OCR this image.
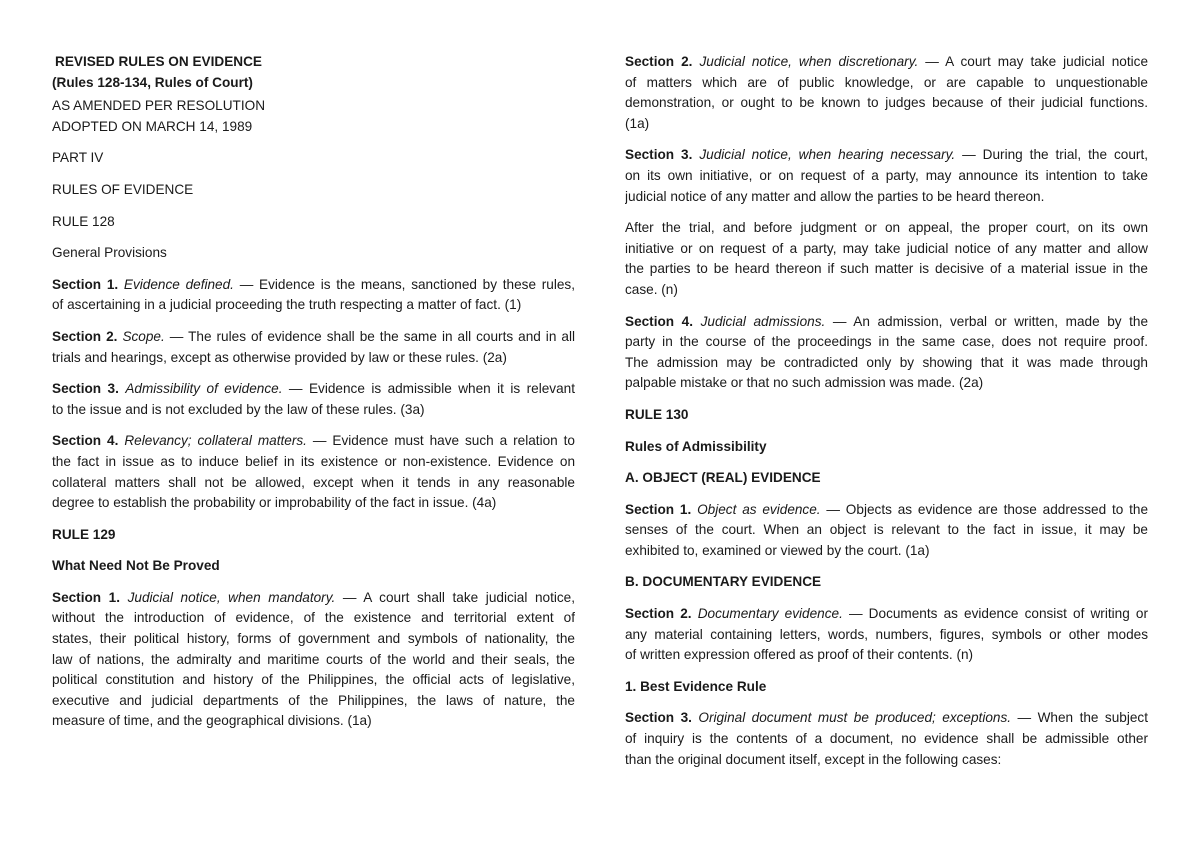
REVISED RULES ON EVIDENCE
(Rules 128-134, Rules of Court)
AS AMENDED PER RESOLUTION
ADOPTED ON MARCH 14, 1989
PART IV
RULES OF EVIDENCE
RULE 128
General Provisions
Section 1. Evidence defined. — Evidence is the means, sanctioned by these rules,
of ascertaining in a judicial proceeding the truth respecting a matter of fact. (1)
Section 2. Scope. — The rules of evidence shall be the same in all courts and in all
trials and hearings, except as otherwise provided by law or these rules. (2a)
Section 3. Admissibility of evidence. — Evidence is admissible when it is relevant
to the issue and is not excluded by the law of these rules. (3a)
Section 4. Relevancy; collateral matters. — Evidence must have such a relation to
the fact in issue as to induce belief in its existence or non-existence. Evidence on
collateral matters shall not be allowed, except when it tends in any reasonable
degree to establish the probability or improbability of the fact in issue. (4a)
RULE 129
What Need Not Be Proved
Section 1. Judicial notice, when mandatory. — A court shall take judicial notice,
without the introduction of evidence, of the existence and territorial extent of
states, their political history, forms of government and symbols of nationality, the
law of nations, the admiralty and maritime courts of the world and their seals, the
political constitution and history of the Philippines, the official acts of legislative,
executive and judicial departments of the Philippines, the laws of nature, the
measure of time, and the geographical divisions. (1a)
Section 2. Judicial notice, when discretionary. — A court may take judicial notice
of matters which are of public knowledge, or are capable to unquestionable
demonstration, or ought to be known to judges because of their judicial functions.
(1a)
Section 3. Judicial notice, when hearing necessary. — During the trial, the court,
on its own initiative, or on request of a party, may announce its intention to take
judicial notice of any matter and allow the parties to be heard thereon.
After the trial, and before judgment or on appeal, the proper court, on its own
initiative or on request of a party, may take judicial notice of any matter and allow
the parties to be heard thereon if such matter is decisive of a material issue in the
case. (n)
Section 4. Judicial admissions. — An admission, verbal or written, made by the
party in the course of the proceedings in the same case, does not require proof.
The admission may be contradicted only by showing that it was made through
palpable mistake or that no such admission was made. (2a)
RULE 130
Rules of Admissibility
A. OBJECT (REAL) EVIDENCE
Section 1. Object as evidence. — Objects as evidence are those addressed to the
senses of the court. When an object is relevant to the fact in issue, it may be
exhibited to, examined or viewed by the court. (1a)
B. DOCUMENTARY EVIDENCE
Section 2. Documentary evidence. — Documents as evidence consist of writing or
any material containing letters, words, numbers, figures, symbols or other modes
of written expression offered as proof of their contents. (n)
1. Best Evidence Rule
Section 3. Original document must be produced; exceptions. — When the subject
of inquiry is the contents of a document, no evidence shall be admissible other
than the original document itself, except in the following cases:
